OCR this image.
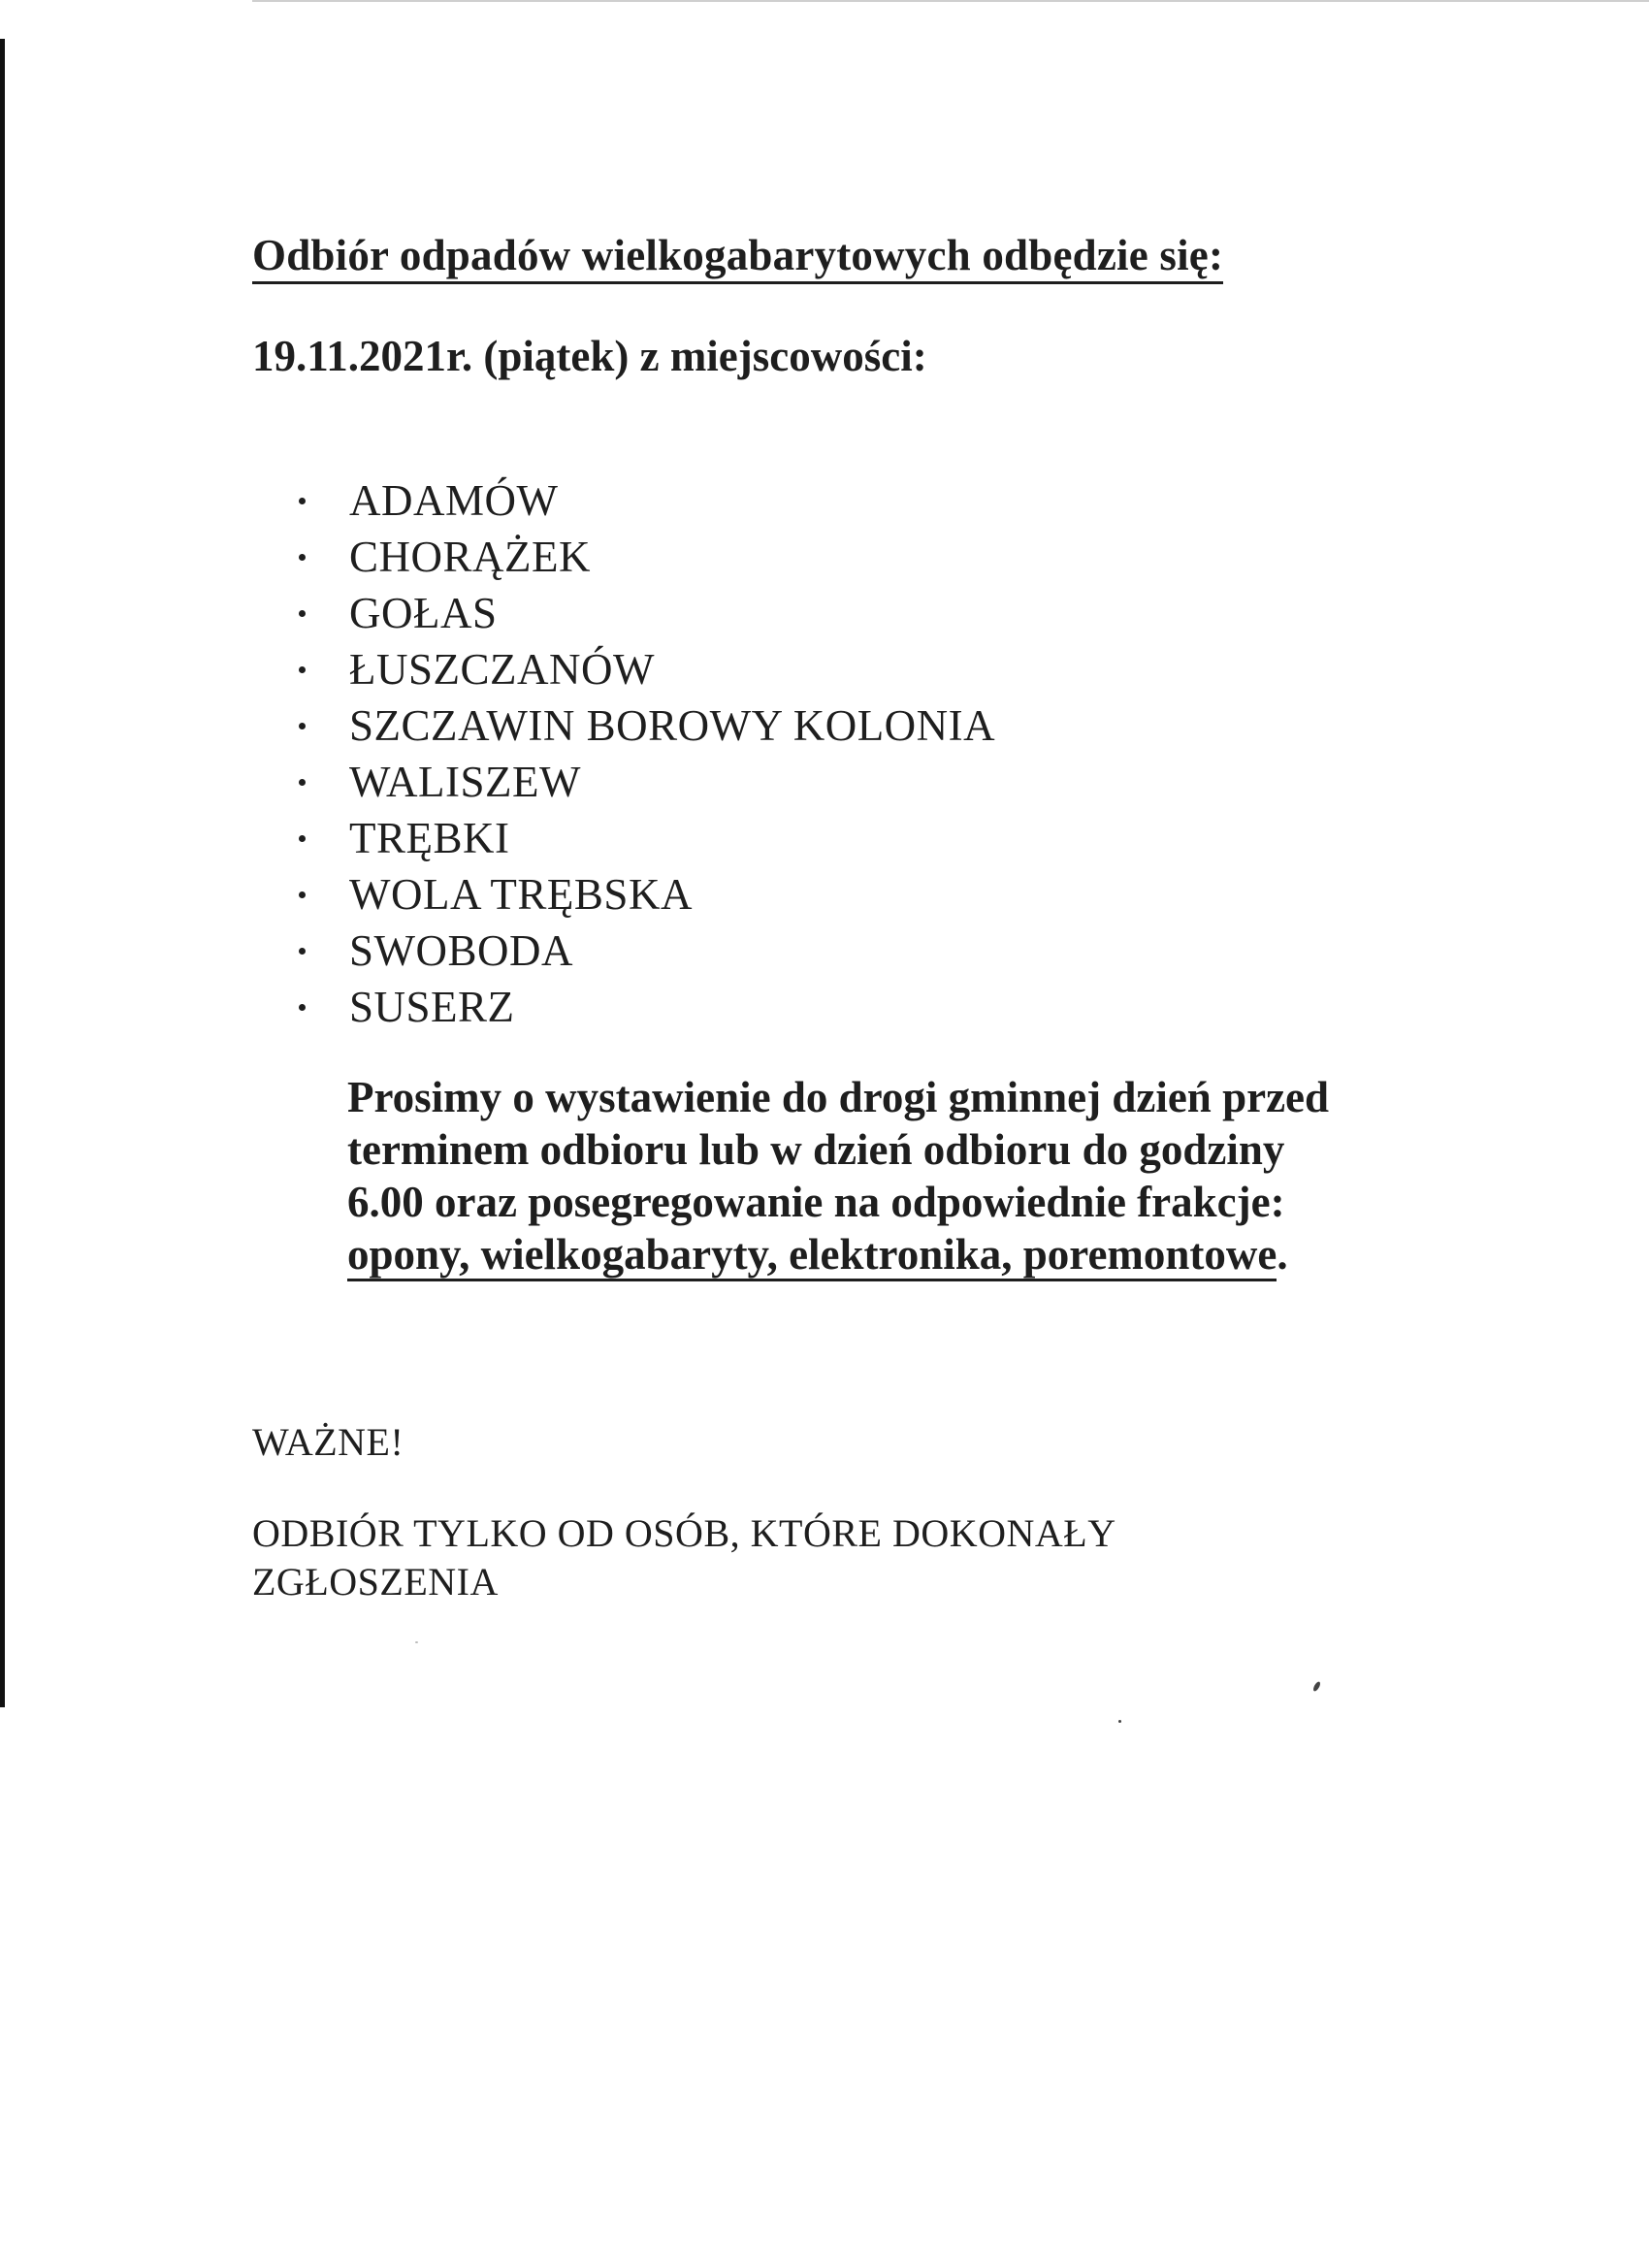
Odbiór odpadów wielkogabarytowych odbędzie się:

19.11.2021r. (piątek) z miejscowości:

ADAMÓW
CHORĄŻEK
GOŁAS
ŁUSZCZANÓW
SZCZAWIN BOROWY KOLONIA
WALISZEW
TRĘBKI
WOLA TRĘBSKA
SWOBODA
SUSERZ

Prosimy o wystawienie do drogi gminnej dzień przed
terminem odbioru lub w dzień odbioru do godziny
6.00 oraz posegregowanie na odpowiednie frakcje:
opony, wielkogabaryty, elektronika, poremontowe.

WAŻNE!

ODBIÓR TYLKO OD OSÓB, KTÓRE DOKONAŁY
ZGŁOSZENIA
